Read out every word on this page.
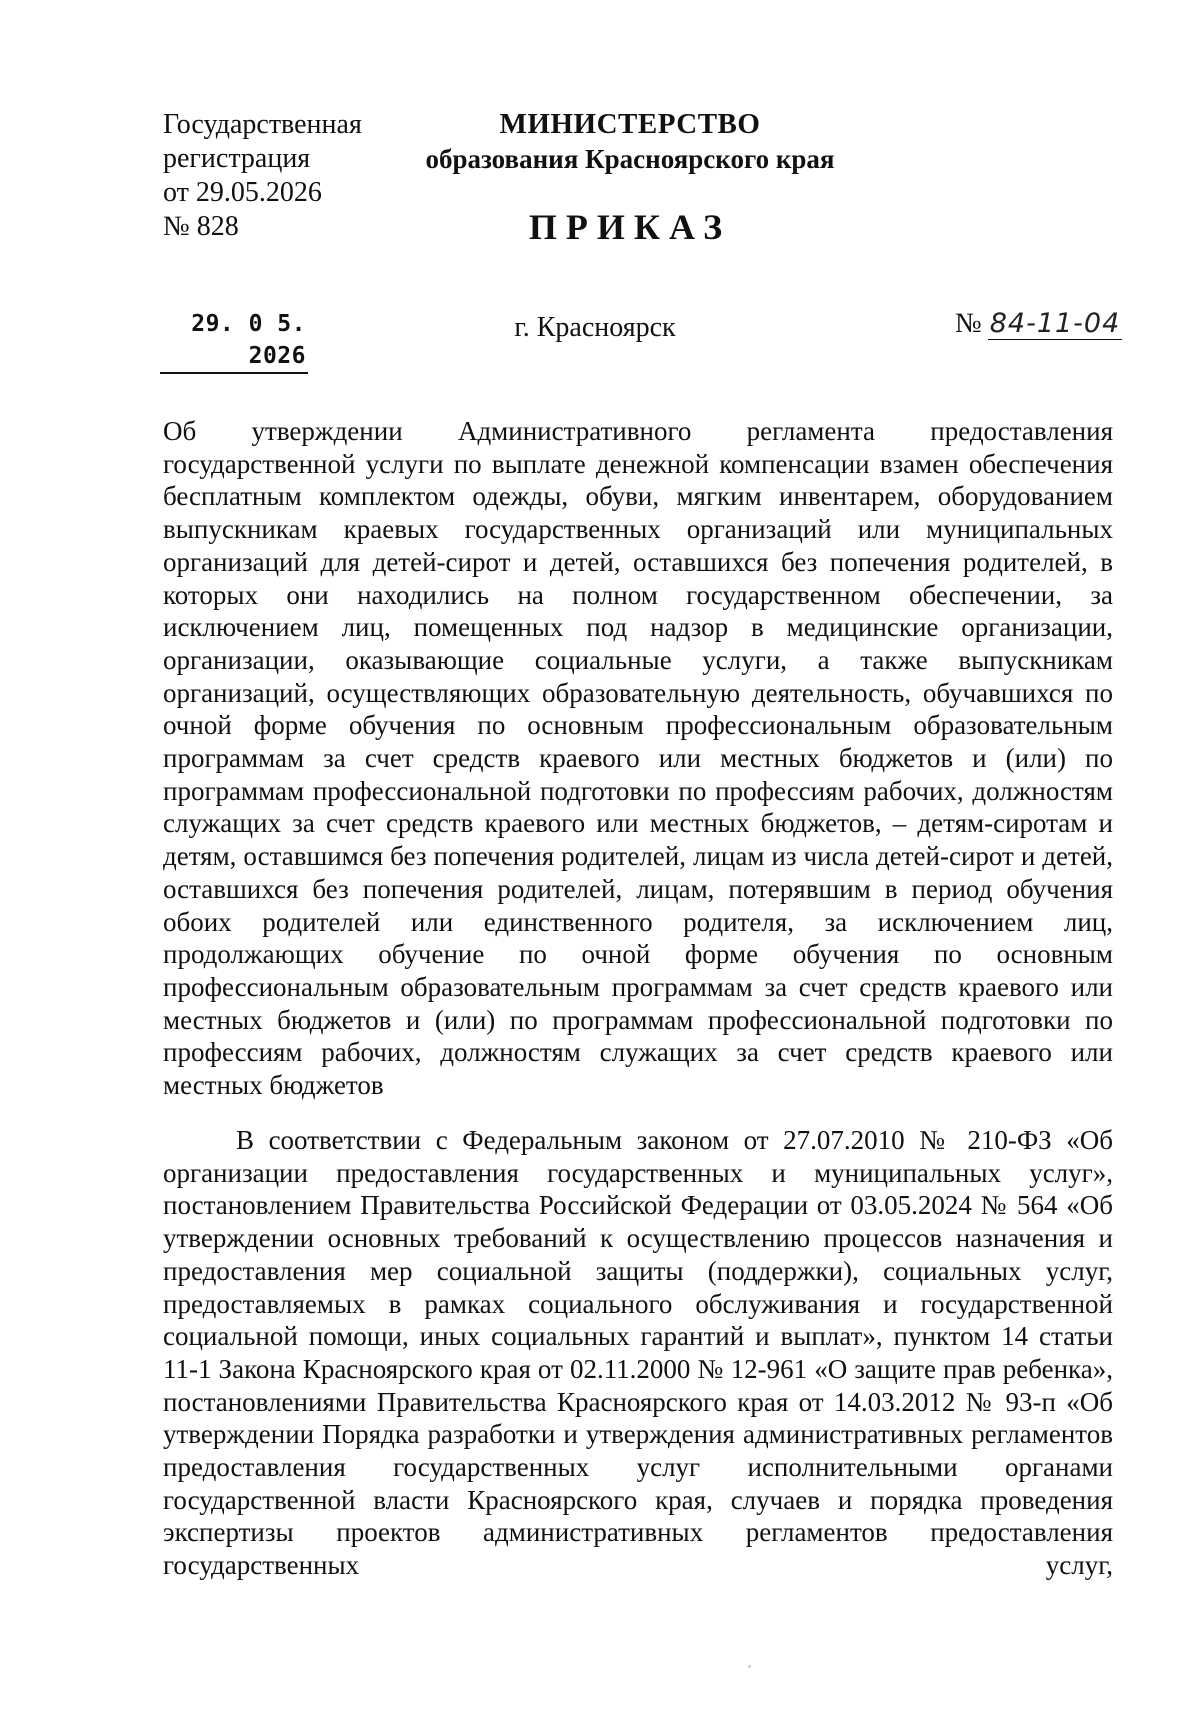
Государственная
регистрация
от 29.05.2026
№ 828
МИНИСТЕРСТВО
образования Красноярского края
ПРИКАЗ
29. 0 5. 2026
г. Красноярск	№ 84-11-04
Об утверждении Административного регламента предоставления государственной услуги по выплате денежной компенсации взамен обеспечения бесплатным комплектом одежды, обуви, мягким инвентарем, оборудованием выпускникам краевых государственных организаций или муниципальных организаций для детей-сирот и детей, оставшихся без попечения родителей, в которых они находились на полном государственном обеспечении, за исключением лиц, помещенных под надзор в медицинские организации, организации, оказывающие социальные услуги, а также выпускникам организаций, осуществляющих образовательную деятельность, обучавшихся по очной форме обучения по основным профессиональным образовательным программам за счет средств краевого или местных бюджетов и (или) по программам профессиональной подготовки по профессиям рабочих, должностям служащих за счет средств краевого или местных бюджетов, – детям-сиротам и детям, оставшимся без попечения родителей, лицам из числа детей-сирот и детей, оставшихся без попечения родителей, лицам, потерявшим в период обучения обоих родителей или единственного родителя, за исключением лиц, продолжающих обучение по очной форме обучения по основным профессиональным образовательным программам за счет средств краевого или местных бюджетов и (или) по программам профессиональной подготовки по профессиям рабочих, должностям служащих за счет средств краевого или местных бюджетов
В соответствии с Федеральным законом от 27.07.2010 № 210-ФЗ «Об организации предоставления государственных и муниципальных услуг», постановлением Правительства Российской Федерации от 03.05.2024 № 564 «Об утверждении основных требований к осуществлению процессов назначения и предоставления мер социальной защиты (поддержки), социальных услуг, предоставляемых в рамках социального обслуживания и государственной социальной помощи, иных социальных гарантий и выплат», пунктом 14 статьи 11-1 Закона Красноярского края от 02.11.2000 № 12-961 «О защите прав ребенка», постановлениями Правительства Красноярского края от 14.03.2012 № 93-п «Об утверждении Порядка разработки и утверждения административных регламентов предоставления государственных услуг исполнительными органами государственной власти Красноярского края, случаев и порядка проведения экспертизы проектов административных регламентов предоставления государственных услуг,
